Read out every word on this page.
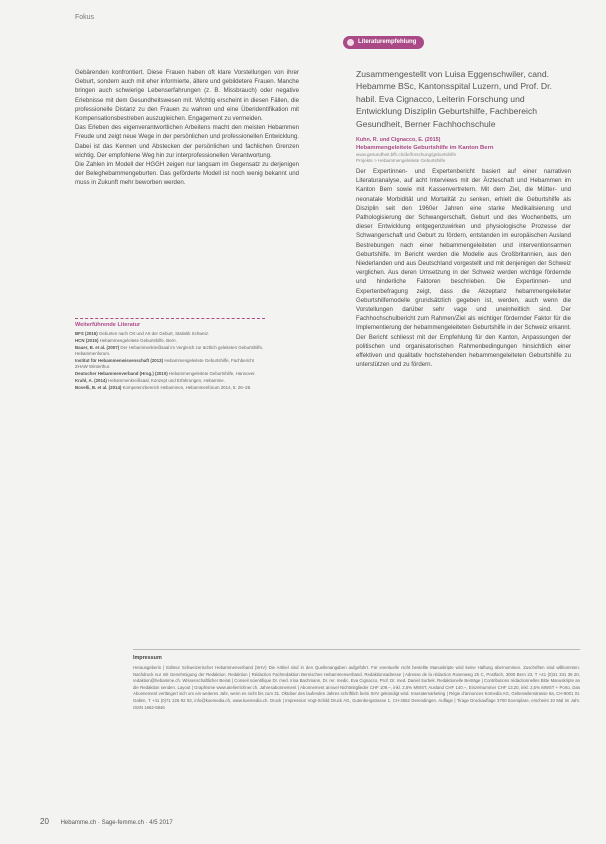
Fokus

Gebärenden konfrontiert. Diese Frauen haben oft klare Vorstellungen von ihrer Geburt, sondern auch mit eher informierte, ältere und gebildetere Frauen. Manche bringen auch schwierige Lebenserfahrungen (z. B. Missbrauch) oder negative Erlebnisse mit dem Gesundheitswesen mit. Wichtig erscheint in diesen Fällen, die professionelle Distanz zu den Frauen zu wahren und eine Überidentifikation mit Kompensationsbestreben auszugleichen. Engagement zu vermeiden.

Das Erleben des eigenverantwortlichen Arbeitens macht den meisten Hebammen Freude und zeigt neue Wege in der persönlichen und professionellen Entwicklung. Dabei ist das Kennen und Abstecken der persönlichen und fachlichen Grenzen wichtig. Der empfohlene Weg hin zur interprofessionellen Verantwortung.

Die Zahlen im Modell der HGGH zeigen nur langsam im Gegensatz zu derjenigen der Beleghebammengeburten. Das geförderte Modell ist noch wenig bekannt und muss in Zukunft mehr beworben werden.

Weiterführende Literatur
BFS (2016) Geburten nach Ort und Art der Geburt, Statistik Schweiz.
HCN (2015) Hebammengeleitete Geburtshilfe, Bern.
Bauer, B. et al. (2007) Der Hebammenkreißsaal im Vergleich zur ärztlich geleiteten Geburtshilfe, Hebammenforum.
Institut für Hebammenwissenschaft (2013) Hebammengeleitete Geburtshilfe, Fachbericht ZHAW Winterthur.
Deutscher Hebammenverband (Hrsg.) (2010) Hebammengeleitete Geburtshilfe, Hannover.
Krahl, A. (2014) Hebammenkreißsaal, Konzept und Erfahrungen, Hebamme.
Bovelli, B. et al. (2014) Kompetenzbereich Hebammen, Hebammenforum 2014, 5: 26–28.
Literaturempfehlung

Zusammengestellt von Luisa Eggenschwiler, cand. Hebamme BSc, Kantonsspital Luzern, und Prof. Dr. habil. Eva Cignacco, Leiterin Forschung und Entwicklung Disziplin Geburtshilfe, Fachbereich Gesundheit, Berner Fachhochschule

Kuhn, R. und Cignacco, E. (2015)
Hebammengeleitete Geburtshilfe im Kanton Bern
www.gesundheit.bfh.ch/de/forschung/geburtshilfe
Projekte > Hebammengeleitete Geburtshilfe

Der Expertinnen- und Expertenbericht basiert auf einer narrativen Literaturanalyse, auf acht Interviews mit der Ärzteschaft und Hebammen im Kanton Bern sowie mit Kassenvertretern. Mit dem Ziel, die Mütter- und neonatale Morbidität und Mortalität zu senken, erhielt die Geburtshilfe als Disziplin seit den 1960er Jahren eine starke Medikalisierung und Pathologisierung der Schwangerschaft, Geburt und des Wochenbetts, um dieser Entwicklung entgegenzuwirken und physiologische Prozesse der Schwangerschaft und Geburt zu fördern, entstanden im europäischen Ausland Bestrebungen nach einer hebammengeleiteten und interventionsarmen Geburtshilfe. Im Bericht werden die Modelle aus Großbritannien, aus den Niederlanden und aus Deutschland vorgestellt und mit denjenigen der Schweiz verglichen. Aus deren Umsetzung in der Schweiz werden wichtige fördernde und hinderliche Faktoren beschrieben. Die Expertinnen- und Expertenbefragung zeigt, dass die Akzeptanz hebammengeleiteter Geburtshilfemodelle grundsätzlich gegeben ist, werden, auch wenn die Vorstellungen darüber sehr vage und uneinheitlich sind. Der Fachhochschulbericht zum Rahmen/Ziel als wichtiger fördernder Faktor für die Implementierung der hebammengeleiteten Geburtshilfe in der Schweiz erkannt. Der Bericht schliesst mit der Empfehlung für den Kanton, Anpassungen der politischen und organisatorischen Rahmenbedingungen hinsichtlich einer effektiven und qualitativ hochstehenden hebammengeleiteten Geburtshilfe zu unterstützen und zu fördern.

Impressum

Herausgeberin | Editeur Schweizerischer Hebammenverband (SHV) Die Artikel sind in den Quellenangaben aufgeführt. Für eventuelle nicht bestellte Manuskripte wird keine Haftung übernommen. Zuschriften sind willkommen. Nachdruck nur mit Genehmigung der Redaktion. Redaktion | Rédaction Fachredaktion Bernisches Hebammenverband. Redaktionsadresse | Adresse de la rédaction Rosenweg 25 C, Postfach, 3000 Bern 23, T +41 (0)31 331 35 20, redaktion@hebamme.ch. Wissenschaftlicher Beirat | Conseil scientifique Dr. med. Irina Bachmann, Dr. rer. medic. Eva Cignacco, Prof. Dr. med. Daniel Surbek. Redaktionelle Beiträge | Contributions rédactionnelles Bitte Manuskripte an die Redaktion senden. Layout | Graphisme www.atelierrichner.ch. Jahresabonnement | Abonnement annuel Nichtmitglieder CHF 109.–, inkl. 2,5% MWST, Ausland CHF 140.–, Einzelnummer CHF 13.20, inkl. 2,5% MWST + Porto. Das Abonnement verlängert sich um ein weiteres Jahr, wenn es nicht bis zum 31. Oktober des laufenden Jahres schriftlich beim SHV gekündigt wird. Inseratemarketing | Régie d'annonces Kömedia AG, Geltenwilenstrasse 8a, CH-9001 St. Gallen, T +41 (0)71 226 92 92, info@koemedia.ch, www.koemedia.ch. Druck | Impression Vogt-Schild Druck AG, Gutenbergstrasse 1, CH-4552 Derendingen. Auflage | Tirage Druckauflage 3700 Exemplare, erscheint 10 Mal im Jahr. ISSN 1662-5846

20 Hebamme.ch · Sage-femme.ch · 4/5 2017
